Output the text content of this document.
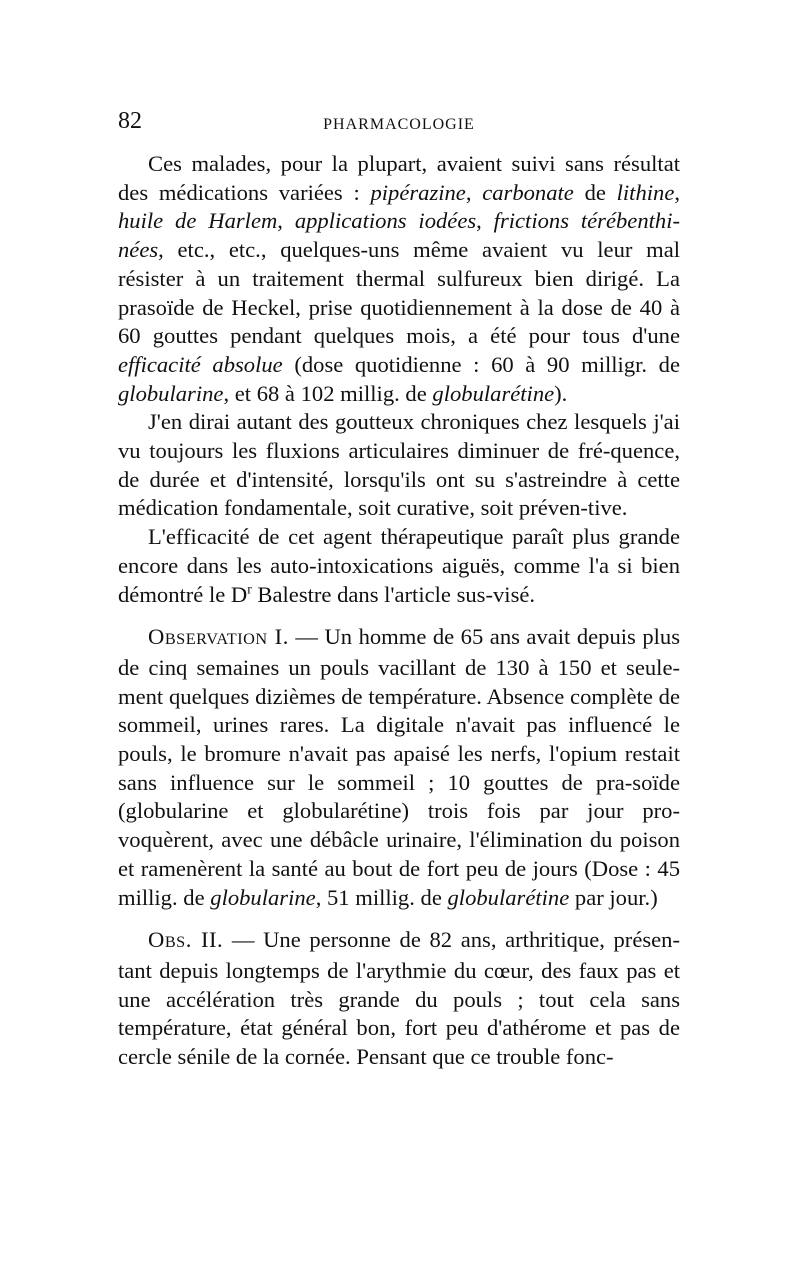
82	PHARMACOLOGIE

Ces malades, pour la plupart, avaient suivi sans résultat des médications variées : pipérazine, carbonate de lithine, huile de Harlem, applications iodées, frictions térébenthi-nées, etc., etc., quelques-uns même avaient vu leur mal résister à un traitement thermal sulfureux bien dirigé. La prasoïde de Heckel, prise quotidiennement à la dose de 40 à 60 gouttes pendant quelques mois, a été pour tous d'une efficacité absolue (dose quotidienne : 60 à 90 milligr. de globularine, et 68 à 102 millig. de globularétine).

J'en dirai autant des goutteux chroniques chez lesquels j'ai vu toujours les fluxions articulaires diminuer de fré-quence, de durée et d'intensité, lorsqu'ils ont su s'astreindre à cette médication fondamentale, soit curative, soit préven-tive.

L'efficacité de cet agent thérapeutique paraît plus grande encore dans les auto-intoxications aiguës, comme l'a si bien démontré le $D^r$ Balestre dans l'article sus-visé.

OBSERVATION I. — Un homme de 65 ans avait depuis plus de cinq semaines un pouls vacillant de 130 à 150 et seule-ment quelques dizièmes de température. Absence complète de sommeil, urines rares. La digitale n'avait pas influencé le pouls, le bromure n'avait pas apaisé les nerfs, l'opium restait sans influence sur le sommeil ; 10 gouttes de pra-soïde (globularine et globularétine) trois fois par jour pro-voquèrent, avec une débâcle urinaire, l'élimination du poison et ramenèrent la santé au bout de fort peu de jours (Dose : 45 millig. de globularine, 51 millig. de globularétine par jour.)

OBS. II. — Une personne de 82 ans, arthritique, présen-tant depuis longtemps de l'arythmie du cœur, des faux pas et une accélération très grande du pouls ; tout cela sans température, état général bon, fort peu d'athérome et pas de cercle sénile de la cornée. Pensant que ce trouble fonc-
